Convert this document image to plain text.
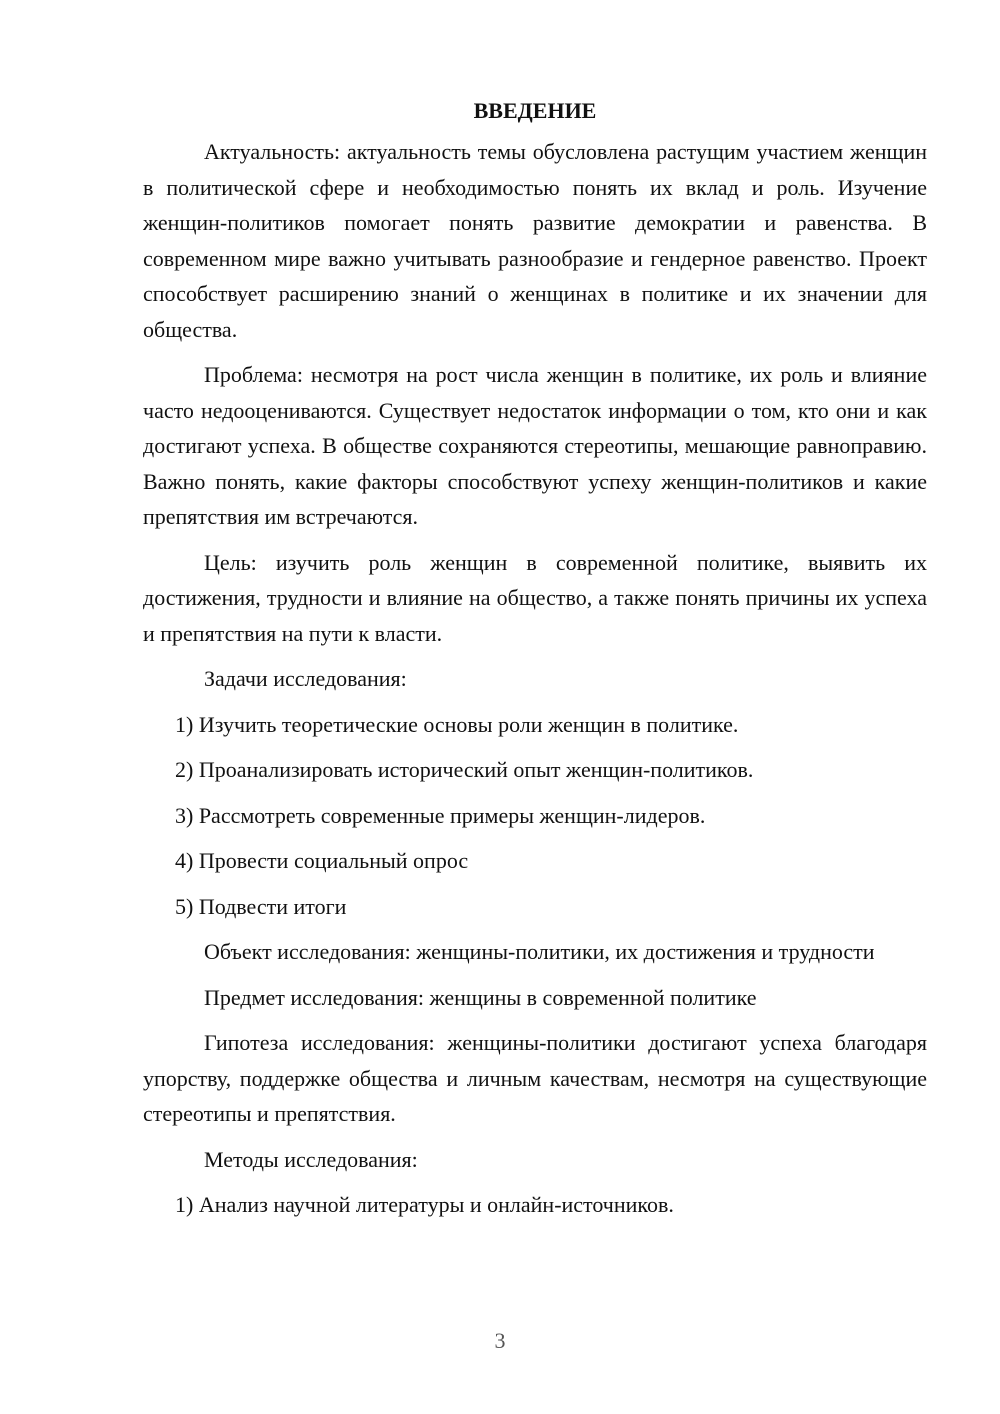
ВВЕДЕНИЕ

Актуальность: актуальность темы обусловлена растущим участием женщин в политической сфере и необходимостью понять их вклад и роль. Изучение женщин-политиков помогает понять развитие демократии и равенства. В современном мире важно учитывать разнообразие и гендерное равенство. Проект способствует расширению знаний о женщинах в политике и их значении для общества.

Проблема: несмотря на рост числа женщин в политике, их роль и влияние часто недооцениваются. Существует недостаток информации о том, кто они и как достигают успеха. В обществе сохраняются стереотипы, мешающие равноправию. Важно понять, какие факторы способствуют успеху женщин-политиков и какие препятствия им встречаются.

Цель: изучить роль женщин в современной политике, выявить их достижения, трудности и влияние на общество, а также понять причины их успеха и препятствия на пути к власти.

Задачи исследования:

1) Изучить теоретические основы роли женщин в политике.

2) Проанализировать исторический опыт женщин-политиков.

3) Рассмотреть современные примеры женщин-лидеров.

4) Провести социальный опрос

5) Подвести итоги

Объект исследования: женщины-политики, их достижения и трудности

Предмет исследования: женщины в современной политике

Гипотеза исследования: женщины-политики достигают успеха благодаря упорству, поддержке общества и личным качествам, несмотря на существующие стереотипы и препятствия.

Методы исследования:

1) Анализ научной литературы и онлайн-источников.

3
